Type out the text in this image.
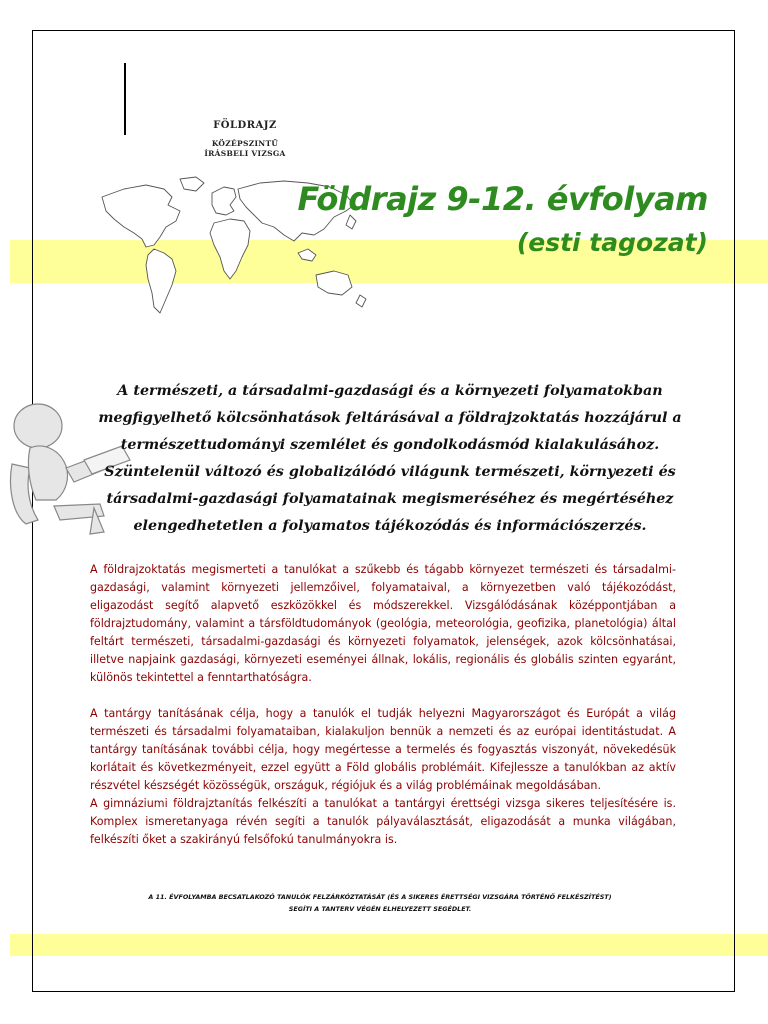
FÖLDRAJZ
KÖZÉPSZINTŰ
ÍRÁSBELI VIZSGA
Földrajz 9-12. évfolyam
(esti tagozat)
A természeti, a társadalmi-gazdasági és a környezeti folyamatokban megfigyelhető kölcsönhatások feltárásával a földrajzoktatás hozzájárul a természettudományi szemlélet és gondolkodásmód kialakulásához. Szüntelenül változó és globalizálódó világunk természeti, környezeti és társadalmi-gazdasági folyamatainak megismeréséhez és megértéséhez elengedhetetlen a folyamatos tájékozódás és információszerzés.

A földrajzoktatás megismerteti a tanulókat a szűkebb és tágabb környezet természeti és társadalmi-gazdasági, valamint környezeti jellemzőivel, folyamataival, a környezetben való tájékozódást, eligazodást segítő alapvető eszközökkel és módszerekkel. Vizsgálódásának középpontjában a földrajztudomány, valamint a társföldtudományok (geológia, meteorológia, geofizika, planetológia) által feltárt természeti, társadalmi-gazdasági és környezeti folyamatok, jelenségek, azok kölcsönhatásai, illetve napjaink gazdasági, környezeti eseményei állnak, lokális, regionális és globális szinten egyaránt, különös tekintettel a fenntarthatóságra.

A tantárgy tanításának célja, hogy a tanulók el tudják helyezni Magyarországot és Európát a világ természeti és társadalmi folyamataiban, kialakuljon bennük a nemzeti és az európai identitástudat. A tantárgy tanításának további célja, hogy megértesse a termelés és fogyasztás viszonyát, növekedésük korlátait és következményeit, ezzel együtt a Föld globális problémáit. Kifejlessze a tanulókban az aktív részvétel készségét közösségük, országuk, régiójuk és a világ problémáinak megoldásában.

A gimnáziumi földrajztanítás felkészíti a tanulókat a tantárgyi érettségi vizsga sikeres teljesítésére is. Komplex ismeretanyaga révén segíti a tanulók pályaválasztását, eligazodását a munka világában, felkészíti őket a szakirányú felsőfokú tanulmányokra is.

A 11. ÉVFOLYAMBA BECSATLAKOZÓ TANULÓK FELZÁRKÓZTATÁSÁT (ÉS A SIKERES ÉRETTSÉGI VIZSGÁRA TÖRTÉNŐ FELKÉSZÍTÉST)
SEGÍTI A TANTERV VÉGÉN ELHELYEZETT SEGÉDLET.
